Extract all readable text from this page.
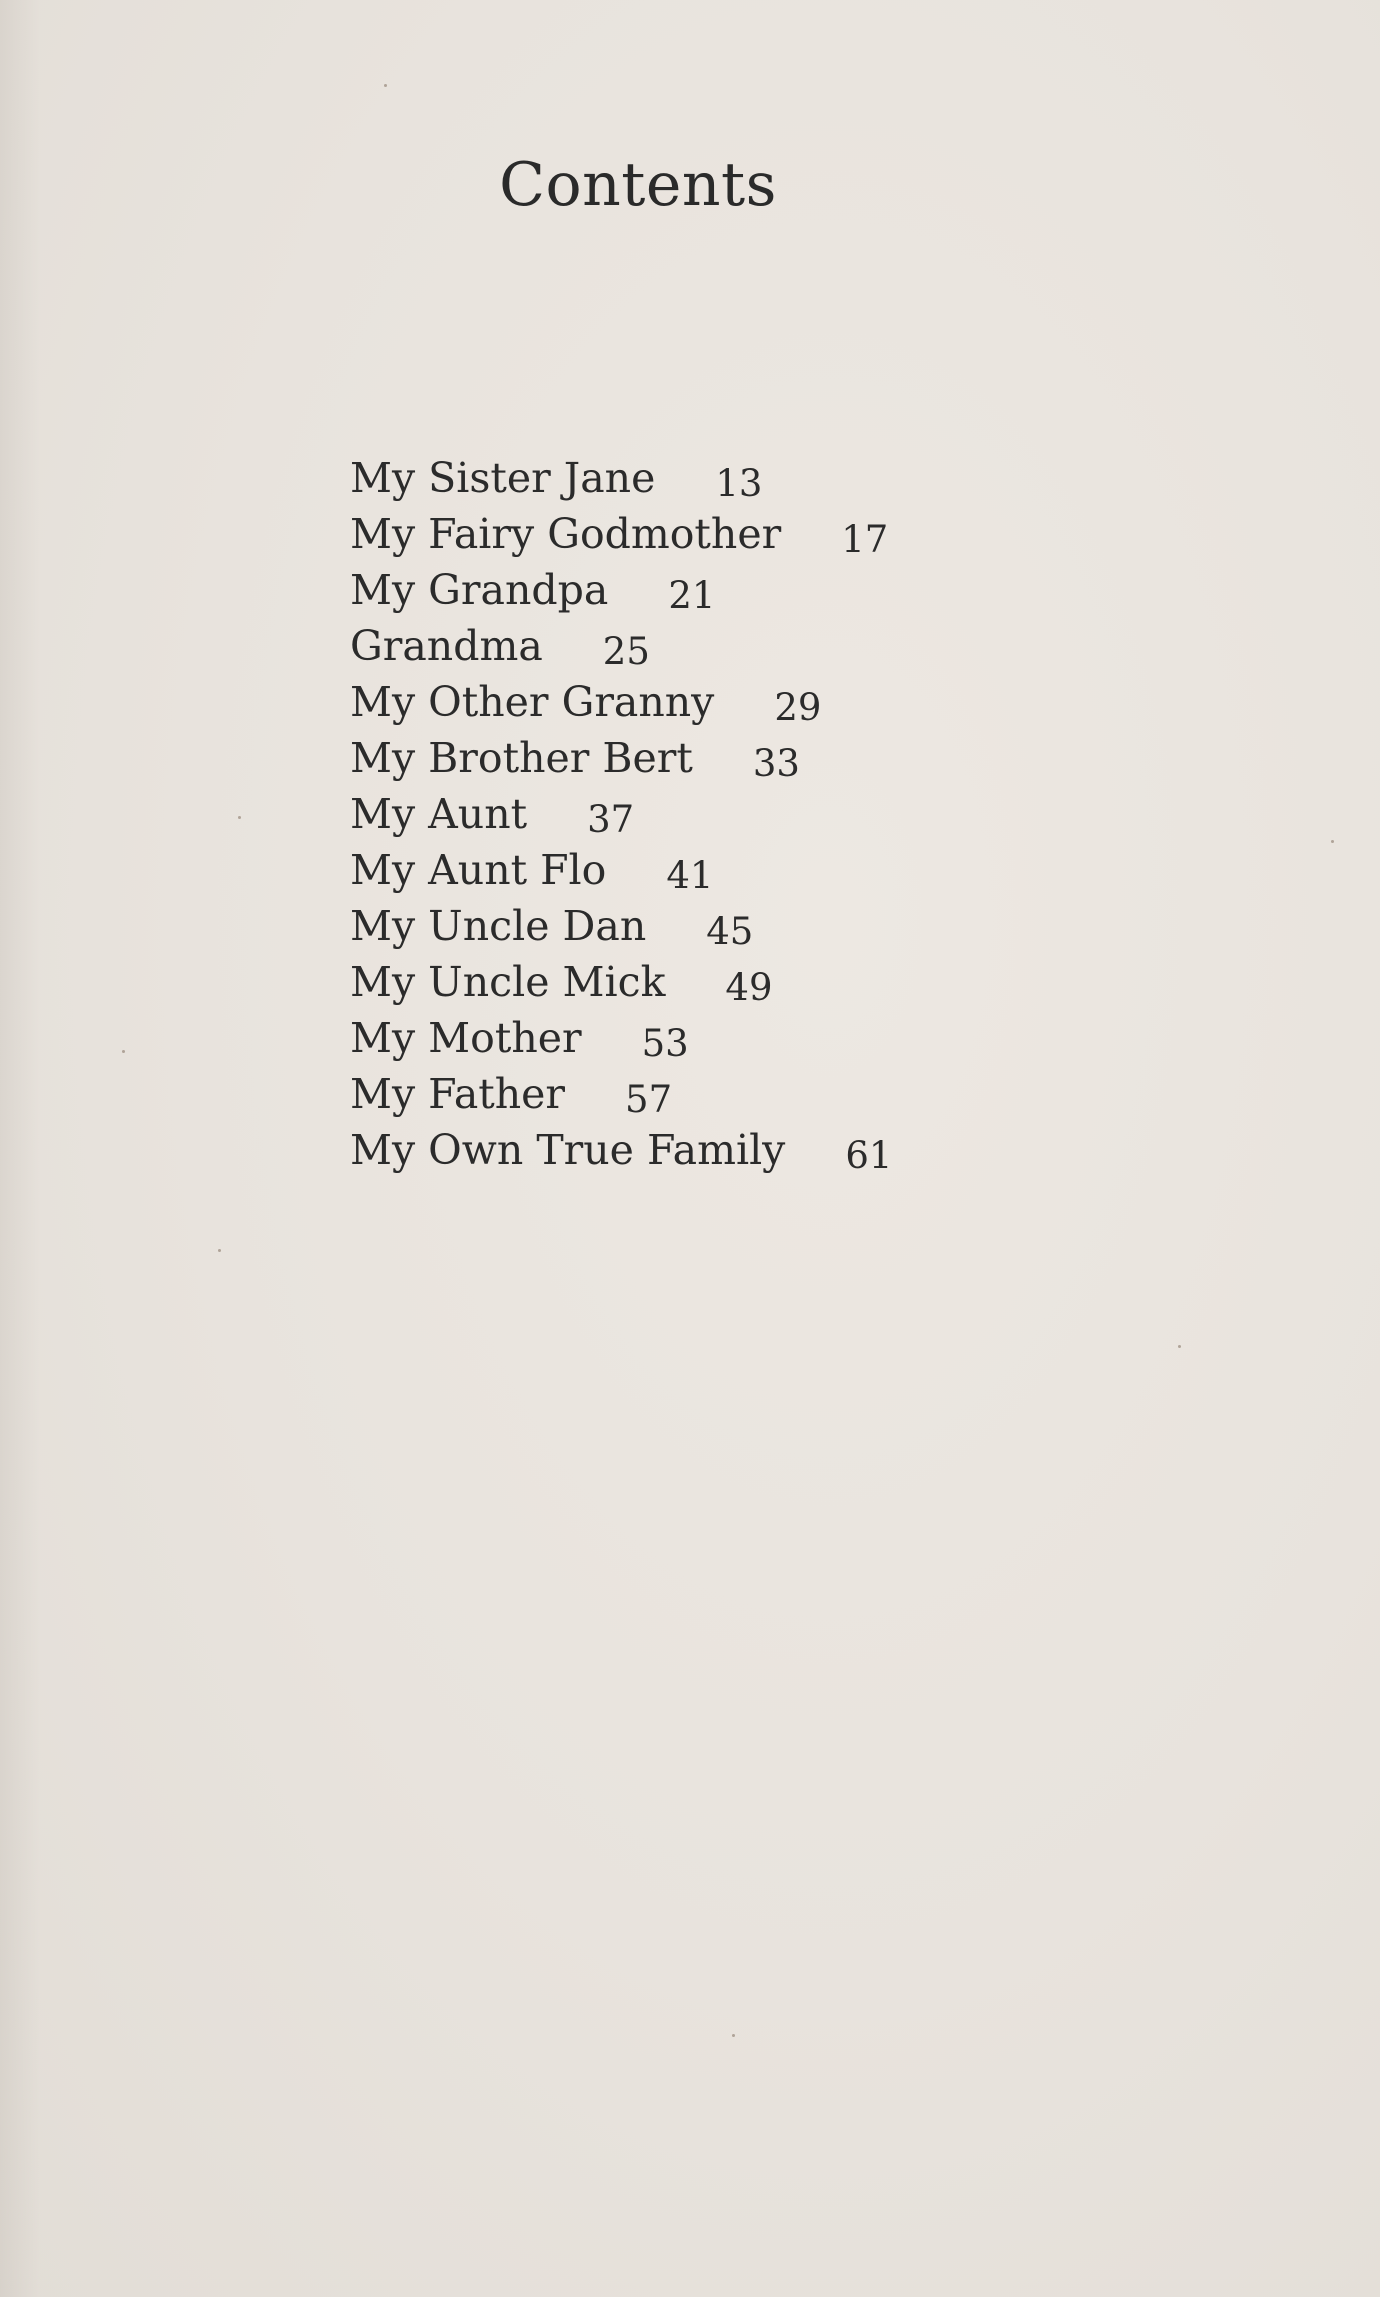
Contents
My Sister Jane 13
My Fairy Godmother 17
My Grandpa 21
Grandma 25
My Other Granny 29
My Brother Bert 33
My Aunt 37
My Aunt Flo 41
My Uncle Dan 45
My Uncle Mick 49
My Mother 53
My Father 57
My Own True Family 61
